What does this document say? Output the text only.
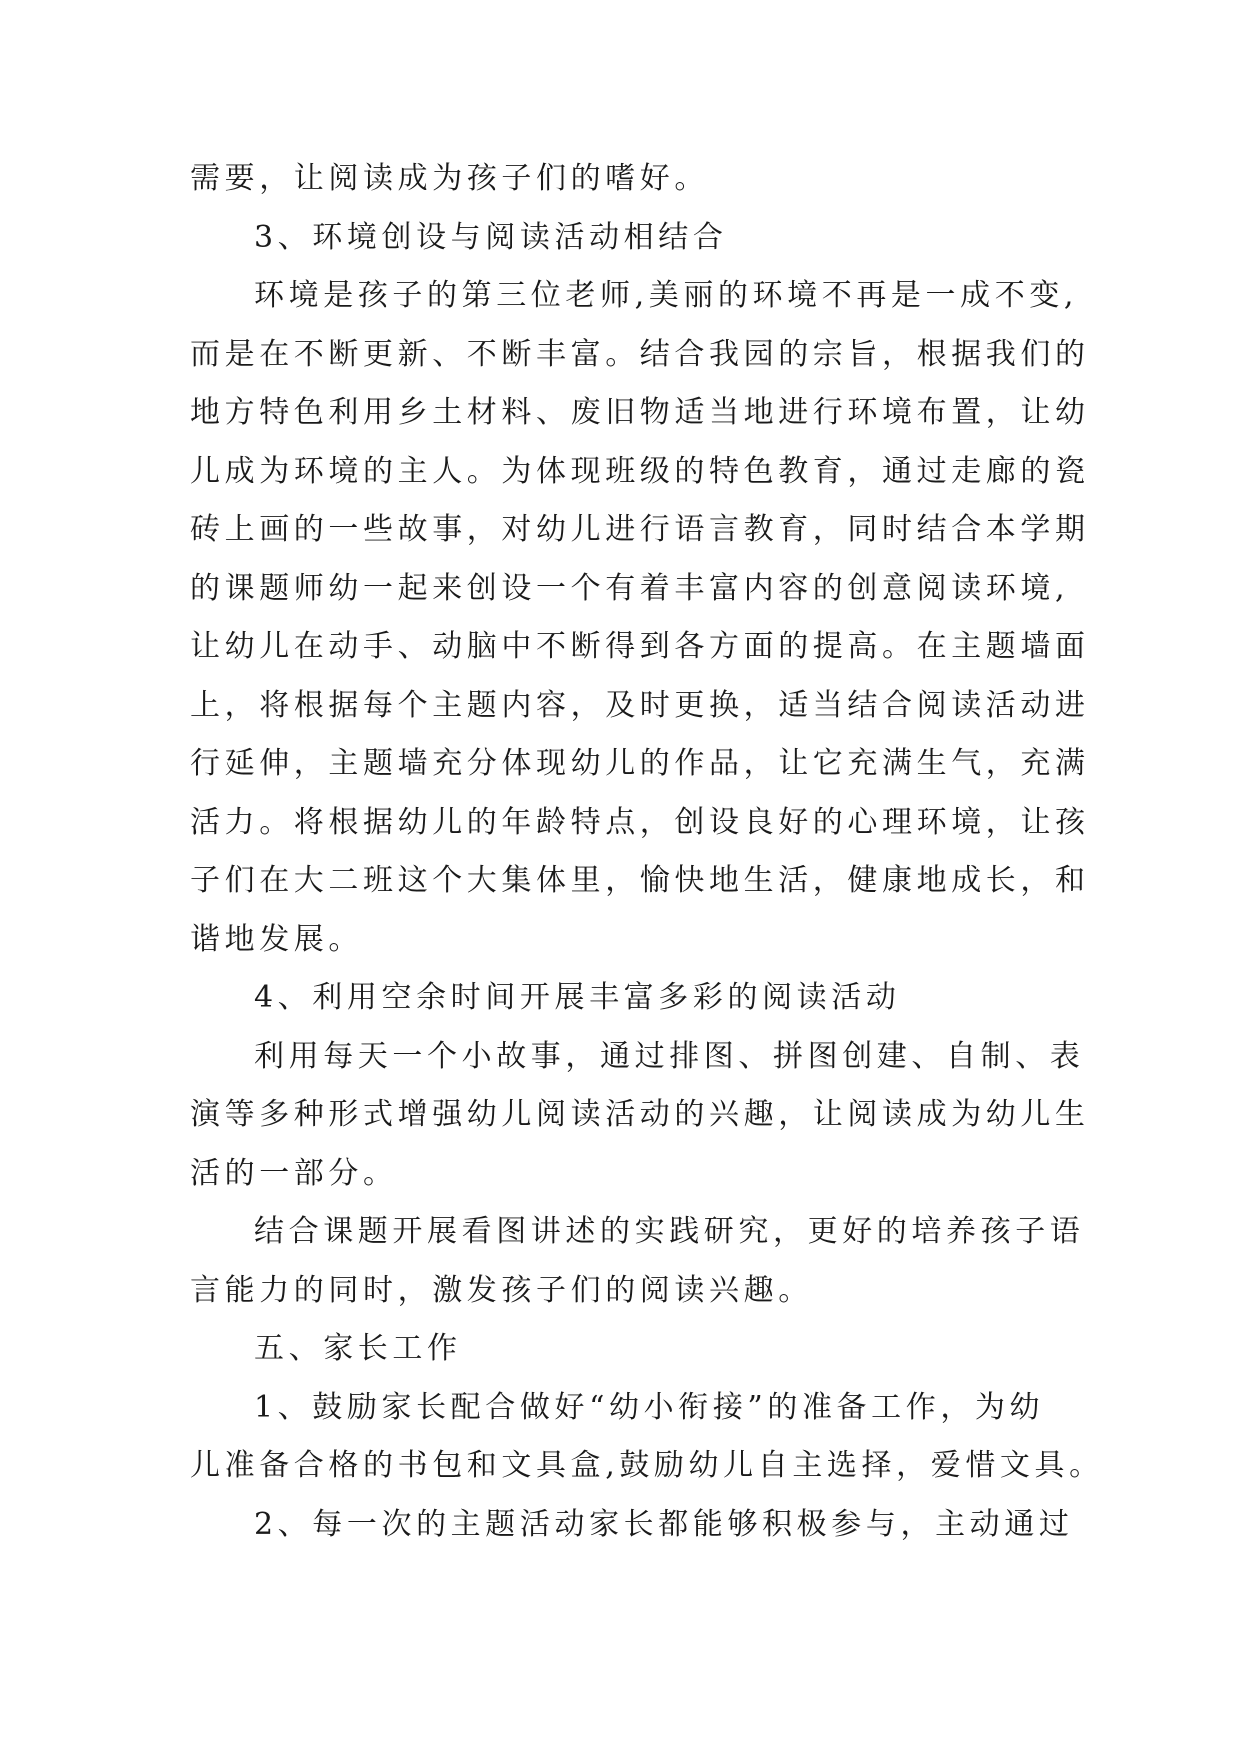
需要，让阅读成为孩子们的嗜好。
3、环境创设与阅读活动相结合
环境是孩子的第三位老师,美丽的环境不再是一成不变,
而是在不断更新、不断丰富。结合我园的宗旨，根据我们的
地方特色利用乡土材料、废旧物适当地进行环境布置，让幼
儿成为环境的主人。为体现班级的特色教育，通过走廊的瓷
砖上画的一些故事，对幼儿进行语言教育，同时结合本学期
的课题师幼一起来创设一个有着丰富内容的创意阅读环境,
让幼儿在动手、动脑中不断得到各方面的提高。在主题墙面
上，将根据每个主题内容，及时更换，适当结合阅读活动进
行延伸，主题墙充分体现幼儿的作品，让它充满生气，充满
活力。将根据幼儿的年龄特点，创设良好的心理环境，让孩
子们在大二班这个大集体里，愉快地生活，健康地成长，和
谐地发展。
4、利用空余时间开展丰富多彩的阅读活动
利用每天一个小故事，通过排图、拼图创建、自制、表
演等多种形式增强幼儿阅读活动的兴趣，让阅读成为幼儿生
活的一部分。
结合课题开展看图讲述的实践研究，更好的培养孩子语
言能力的同时，激发孩子们的阅读兴趣。
五、家长工作
1、鼓励家长配合做好“幼小衔接”的准备工作，为幼
儿准备合格的书包和文具盒,鼓励幼儿自主选择，爱惜文具。
2、每一次的主题活动家长都能够积极参与，主动通过
